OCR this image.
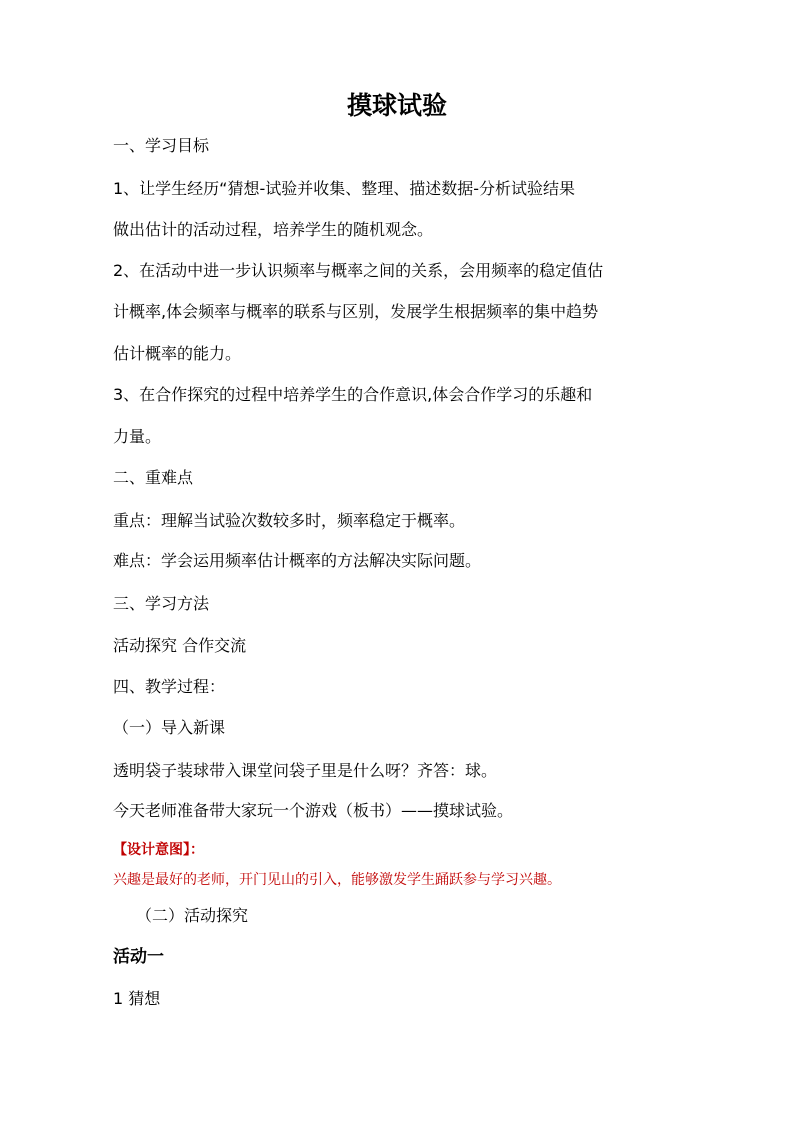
摸球试验
一、学习目标
1、让学生经历“猜想-试验并收集、整理、描述数据-分析试验结果
做出估计的活动过程，培养学生的随机观念。
2、在活动中进一步认识频率与概率之间的关系，会用频率的稳定值估
计概率,体会频率与概率的联系与区别，发展学生根据频率的集中趋势
估计概率的能力。
3、在合作探究的过程中培养学生的合作意识,体会合作学习的乐趣和
力量。
二、重难点
重点：理解当试验次数较多时，频率稳定于概率。
难点：学会运用频率估计概率的方法解决实际问题。
三、学习方法
活动探究 合作交流
四、教学过程：
（一）导入新课
透明袋子装球带入课堂问袋子里是什么呀？齐答：球。
今天老师准备带大家玩一个游戏（板书）——摸球试验。
【设计意图】：
兴趣是最好的老师，开门见山的引入，能够激发学生踊跃参与学习兴趣。
（二）活动探究
活动一
1 猜想
